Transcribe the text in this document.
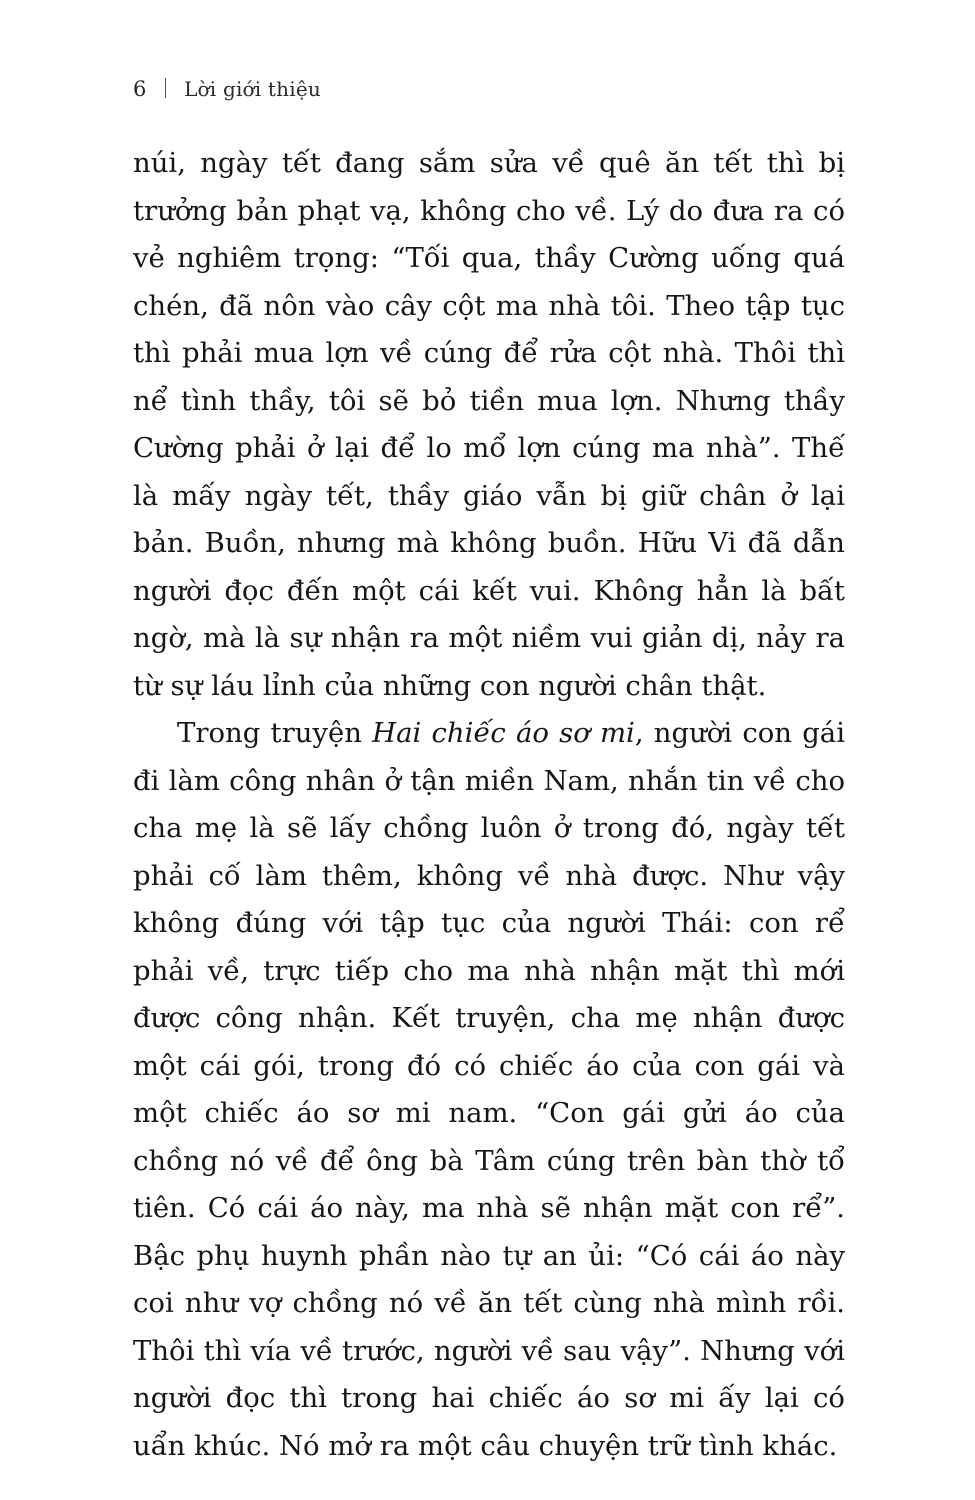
6 Lời giới thiệu

núi, ngày tết đang sắm sửa về quê ăn tết thì bị trưởng bản phạt vạ, không cho về. Lý do đưa ra có vẻ nghiêm trọng: “Tối qua, thầy Cường uống quá chén, đã nôn vào cây cột ma nhà tôi. Theo tập tục thì phải mua lợn về cúng để rửa cột nhà. Thôi thì nể tình thầy, tôi sẽ bỏ tiền mua lợn. Nhưng thầy Cường phải ở lại để lo mổ lợn cúng ma nhà”. Thế là mấy ngày tết, thầy giáo vẫn bị giữ chân ở lại bản. Buồn, nhưng mà không buồn. Hữu Vi đã dẫn người đọc đến một cái kết vui. Không hẳn là bất ngờ, mà là sự nhận ra một niềm vui giản dị, nảy ra từ sự láu lỉnh của những con người chân thật.

Trong truyện Hai chiếc áo sơ mi, người con gái đi làm công nhân ở tận miền Nam, nhắn tin về cho cha mẹ là sẽ lấy chồng luôn ở trong đó, ngày tết phải cố làm thêm, không về nhà được. Như vậy không đúng với tập tục của người Thái: con rể phải về, trực tiếp cho ma nhà nhận mặt thì mới được công nhận. Kết truyện, cha mẹ nhận được một cái gói, trong đó có chiếc áo của con gái và một chiếc áo sơ mi nam. “Con gái gửi áo của chồng nó về để ông bà Tâm cúng trên bàn thờ tổ tiên. Có cái áo này, ma nhà sẽ nhận mặt con rể”. Bậc phụ huynh phần nào tự an ủi: “Có cái áo này coi như vợ chồng nó về ăn tết cùng nhà mình rồi. Thôi thì vía về trước, người về sau vậy”. Nhưng với người đọc thì trong hai chiếc áo sơ mi ấy lại có uẩn khúc. Nó mở ra một câu chuyện trữ tình khác.
